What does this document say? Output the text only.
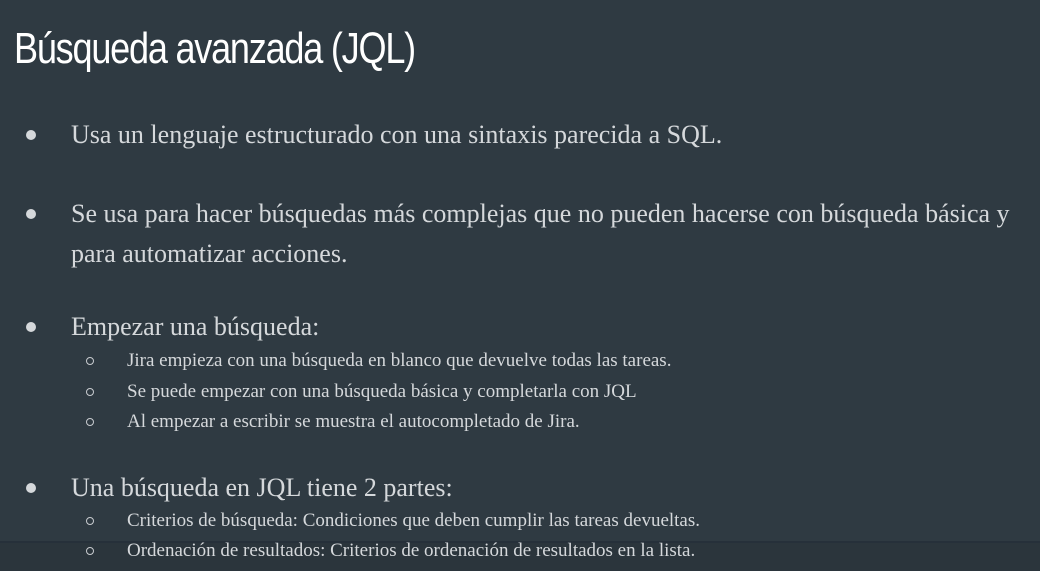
Búsqueda avanzada (JQL)
Usa un lenguaje estructurado con una sintaxis parecida a SQL.
Se usa para hacer búsquedas más complejas que no pueden hacerse con búsqueda básica y para automatizar acciones.
Empezar una búsqueda:
Jira empieza con una búsqueda en blanco que devuelve todas las tareas.
Se puede empezar con una búsqueda básica y completarla con JQL
Al empezar a escribir se muestra el autocompletado de Jira.
Una búsqueda en JQL tiene 2 partes:
Criterios de búsqueda: Condiciones que deben cumplir las tareas devueltas.
Ordenación de resultados: Criterios de ordenación de resultados en la lista.
